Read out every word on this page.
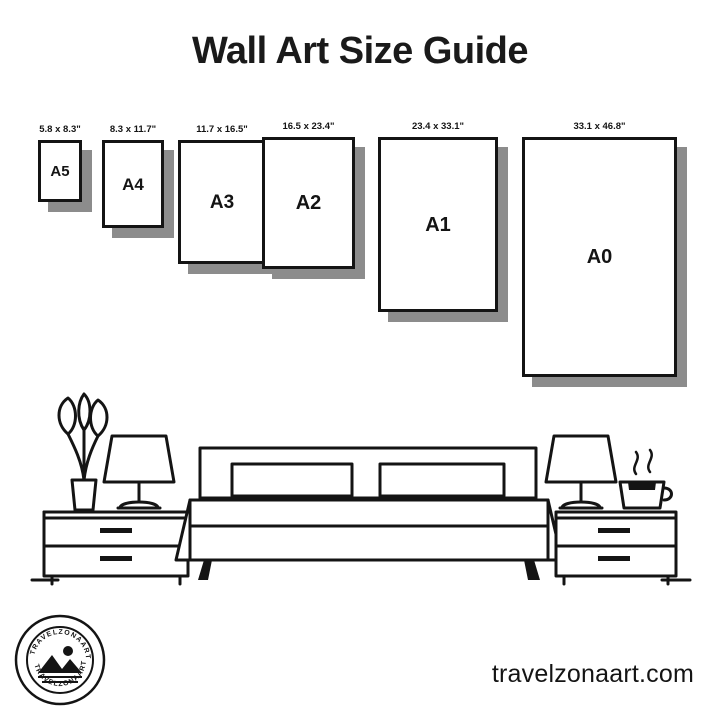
Wall Art Size Guide
A5
5.8 x 8.3"
A4
8.3 x 11.7"
A3
11.7 x 16.5"
A2
16.5 x 23.4"
A1
23.4 x 33.1"
A0
33.1 x 46.8"
TRAVELZONAART
TRAVELZONAART	travelzonaart.com
